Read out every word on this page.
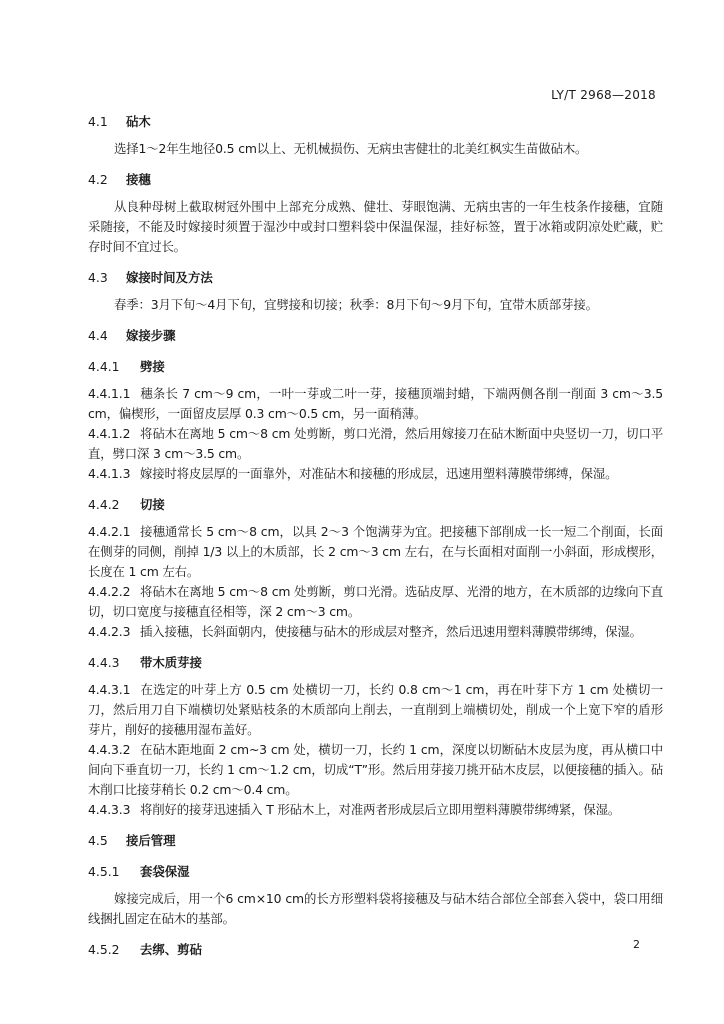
LY/T 2968—2018

4.1 砧木

选择1～2年生地径0.5 cm以上、无机械损伤、无病虫害健壮的北美红枫实生苗做砧木。

4.2 接穗

从良种母树上截取树冠外围中上部充分成熟、健壮、芽眼饱满、无病虫害的一年生枝条作接穗，宜随采随接，不能及时嫁接时须置于湿沙中或封口塑料袋中保温保湿，挂好标签，置于冰箱或阴凉处贮藏，贮存时间不宜过长。

4.3 嫁接时间及方法

春季：3月下旬～4月下旬，宜劈接和切接；秋季：8月下旬～9月下旬，宜带木质部芽接。

4.4 嫁接步骤

4.4.1 劈接

4.4.1.1 穗条长 7 cm～9 cm，一叶一芽或二叶一芽，接穗顶端封蜡，下端两侧各削一削面 3 cm～3.5 cm，偏楔形，一面留皮层厚 0.3 cm～0.5 cm，另一面稍薄。

4.4.1.2 将砧木在离地 5 cm～8 cm 处剪断，剪口光滑，然后用嫁接刀在砧木断面中央竖切一刀，切口平直，劈口深 3 cm～3.5 cm。

4.4.1.3 嫁接时将皮层厚的一面靠外，对准砧木和接穗的形成层，迅速用塑料薄膜带绑缚，保湿。

4.4.2 切接

4.4.2.1 接穗通常长 5 cm～8 cm，以具 2～3 个饱满芽为宜。把接穗下部削成一长一短二个削面，长面在侧芽的同侧，削掉 1/3 以上的木质部，长 2 cm～3 cm 左右，在与长面相对面削一小斜面，形成楔形，长度在 1 cm 左右。

4.4.2.2 将砧木在离地 5 cm～8 cm 处剪断，剪口光滑。选砧皮厚、光滑的地方，在木质部的边缘向下直切，切口宽度与接穗直径相等，深 2 cm～3 cm。

4.4.2.3 插入接穗，长斜面朝内，使接穗与砧木的形成层对整齐，然后迅速用塑料薄膜带绑缚，保湿。

4.4.3 带木质芽接

4.4.3.1 在选定的叶芽上方 0.5 cm 处横切一刀，长约 0.8 cm～1 cm，再在叶芽下方 1 cm 处横切一刀，然后用刀自下端横切处紧贴枝条的木质部向上削去，一直削到上端横切处，削成一个上宽下窄的盾形芽片，削好的接穗用湿布盖好。

4.4.3.2 在砧木距地面 2 cm~3 cm 处，横切一刀，长约 1 cm，深度以切断砧木皮层为度，再从横口中间向下垂直切一刀，长约 1 cm～1.2 cm，切成“T”形。然后用芽接刀挑开砧木皮层，以便接穗的插入。砧木削口比接芽稍长 0.2 cm～0.4 cm。

4.4.3.3 将削好的接芽迅速插入 T 形砧木上，对准两者形成层后立即用塑料薄膜带绑缚紧，保湿。

4.5 接后管理

4.5.1 套袋保湿

嫁接完成后，用一个6 cm×10 cm的长方形塑料袋将接穗及与砧木结合部位全部套入袋中，袋口用细线捆扎固定在砧木的基部。

4.5.2 去绑、剪砧	2
